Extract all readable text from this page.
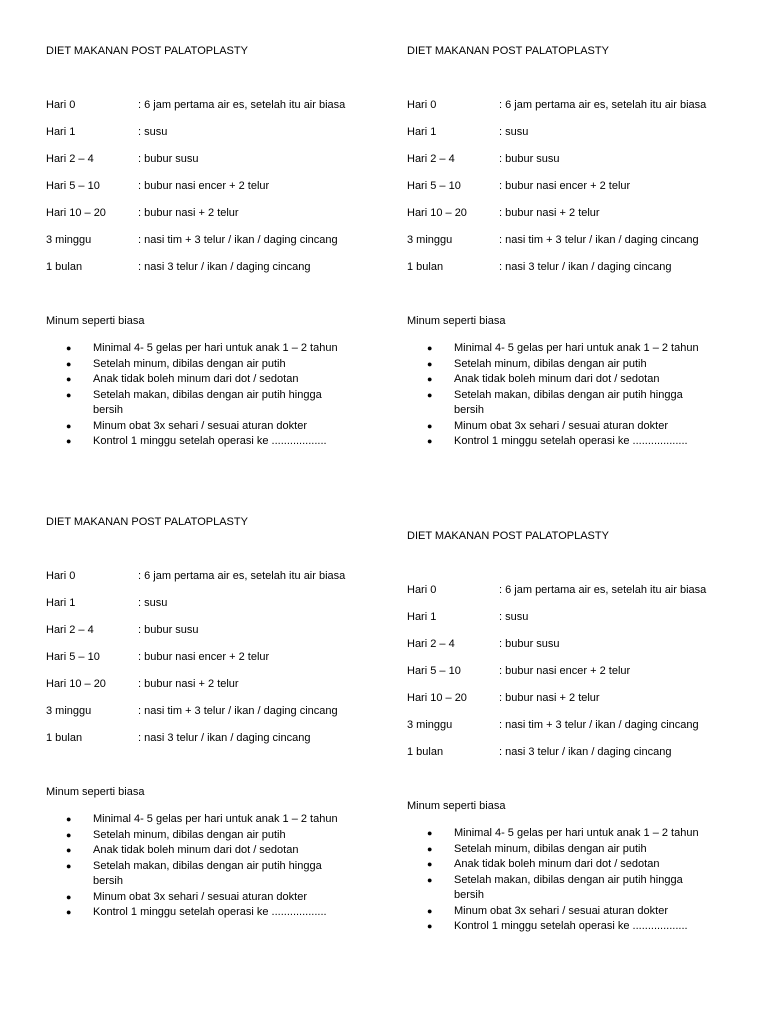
DIET MAKANAN POST PALATOPLASTY
Hari 0	: 6 jam pertama air es, setelah itu air biasa
Hari 1	: susu
Hari 2 – 4	: bubur susu
Hari 5 – 10	: bubur nasi encer + 2 telur
Hari 10 – 20	: bubur nasi + 2 telur
3 minggu	: nasi tim + 3 telur / ikan / daging cincang
1 bulan	: nasi 3 telur / ikan / daging cincang
Minum seperti biasa
●	Minimal 4- 5 gelas per hari untuk anak 1 – 2 tahun
●	Setelah minum, dibilas dengan air putih
●	Anak tidak boleh minum dari dot / sedotan
●	Setelah makan, dibilas dengan air putih hingga bersih
●	Minum obat 3x sehari / sesuai aturan dokter
●	Kontrol 1 minggu setelah operasi ke ..................
DIET MAKANAN POST PALATOPLASTY
Hari 0	: 6 jam pertama air es, setelah itu air biasa
Hari 1	: susu
Hari 2 – 4	: bubur susu
Hari 5 – 10	: bubur nasi encer + 2 telur
Hari 10 – 20	: bubur nasi + 2 telur
3 minggu	: nasi tim + 3 telur / ikan / daging cincang
1 bulan	: nasi 3 telur / ikan / daging cincang
Minum seperti biasa
●	Minimal 4- 5 gelas per hari untuk anak 1 – 2 tahun
●	Setelah minum, dibilas dengan air putih
●	Anak tidak boleh minum dari dot / sedotan
●	Setelah makan, dibilas dengan air putih hingga bersih
●	Minum obat 3x sehari / sesuai aturan dokter
●	Kontrol 1 minggu setelah operasi ke ..................
DIET MAKANAN POST PALATOPLASTY
Hari 0	: 6 jam pertama air es, setelah itu air biasa
Hari 1	: susu
Hari 2 – 4	: bubur susu
Hari 5 – 10	: bubur nasi encer + 2 telur
Hari 10 – 20	: bubur nasi + 2 telur
3 minggu	: nasi tim + 3 telur / ikan / daging cincang
1 bulan	: nasi 3 telur / ikan / daging cincang
Minum seperti biasa
●	Minimal 4- 5 gelas per hari untuk anak 1 – 2 tahun
●	Setelah minum, dibilas dengan air putih
●	Anak tidak boleh minum dari dot / sedotan
●	Setelah makan, dibilas dengan air putih hingga bersih
●	Minum obat 3x sehari / sesuai aturan dokter
●	Kontrol 1 minggu setelah operasi ke ..................
DIET MAKANAN POST PALATOPLASTY
Hari 0	: 6 jam pertama air es, setelah itu air biasa
Hari 1	: susu
Hari 2 – 4	: bubur susu
Hari 5 – 10	: bubur nasi encer + 2 telur
Hari 10 – 20	: bubur nasi + 2 telur
3 minggu	: nasi tim + 3 telur / ikan / daging cincang
1 bulan	: nasi 3 telur / ikan / daging cincang
Minum seperti biasa
●	Minimal 4- 5 gelas per hari untuk anak 1 – 2 tahun
●	Setelah minum, dibilas dengan air putih
●	Anak tidak boleh minum dari dot / sedotan
●	Setelah makan, dibilas dengan air putih hingga bersih
●	Minum obat 3x sehari / sesuai aturan dokter
●	Kontrol 1 minggu setelah operasi ke ..................
